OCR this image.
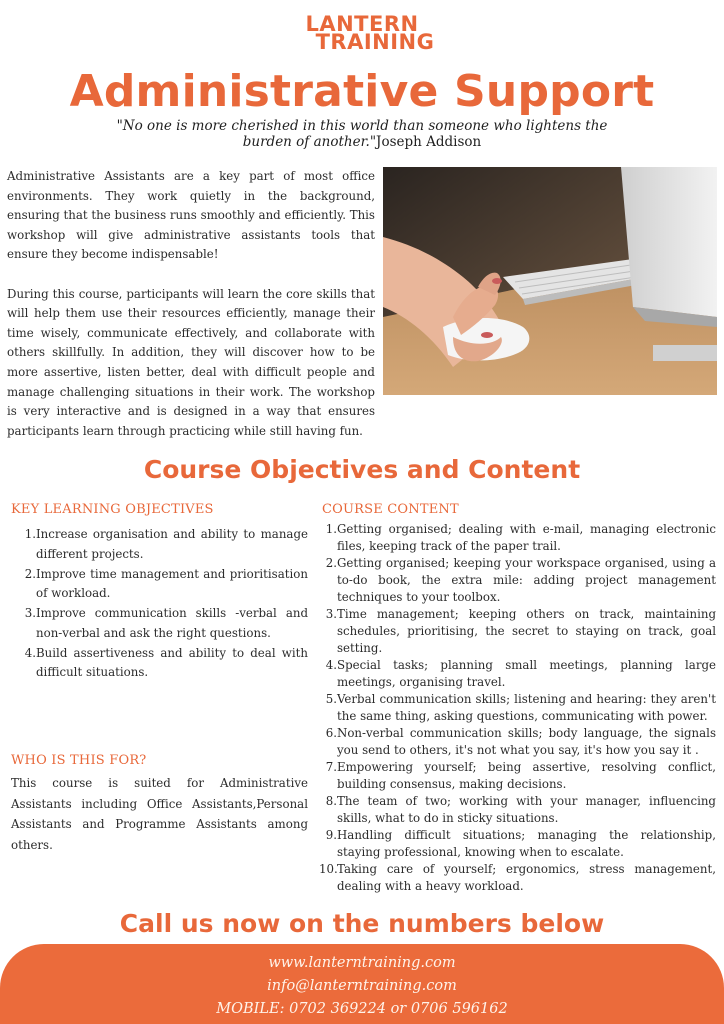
LANTERN
TRAINING
Administrative Support
"No one is more cherished in this world than someone who lightens the burden of another."Joseph Addison

Administrative Assistants are a key part of most office environments. They work quietly in the background, ensuring that the business runs smoothly and efficiently. This workshop will give administrative assistants tools that ensure they become indispensable!

During this course, participants will learn the core skills that will help them use their resources efficiently, manage their time wisely, communicate effectively, and collaborate with others skillfully. In addition, they will discover how to be more assertive, listen better, deal with difficult people and manage challenging situations in their work. The workshop is very interactive and is designed in a way that ensures participants learn through practicing while still having fun.

Course Objectives and Content
KEY LEARNING OBJECTIVES
1. Increase organisation and ability to manage different projects.
2. Improve time management and prioritisation of workload.
3. Improve communication skills -verbal and non-verbal and ask the right questions.
4. Build assertiveness and ability to deal with difficult situations.
WHO IS THIS FOR?
This course is suited for Administrative Assistants including Office Assistants,Personal Assistants and Programme Assistants among others.
COURSE CONTENT
1. Getting organised; dealing with e-mail, managing electronic files, keeping track of the paper trail.
2. Getting organised; keeping your workspace organised, using a to-do book, the extra mile: adding project management techniques to your toolbox.
3. Time management; keeping others on track, maintaining schedules, prioritising, the secret to staying on track, goal setting.
4. Special tasks; planning small meetings, planning large meetings, organising travel.
5. Verbal communication skills; listening and hearing: they aren't the same thing, asking questions, communicating with power.
6. Non-verbal communication skills; body language, the signals you send to others, it's not what you say, it's how you say it .
7. Empowering yourself; being assertive, resolving conflict, building consensus, making decisions.
8. The team of two; working with your manager, influencing skills, what to do in sticky situations.
9. Handling difficult situations; managing the relationship, staying professional, knowing when to escalate.
10. Taking care of yourself; ergonomics, stress management, dealing with a heavy workload.
Call us now on the numbers below
www.lanterntraining.com
info@lanterntraining.com
MOBILE: 0702 369224 or 0706 596162
